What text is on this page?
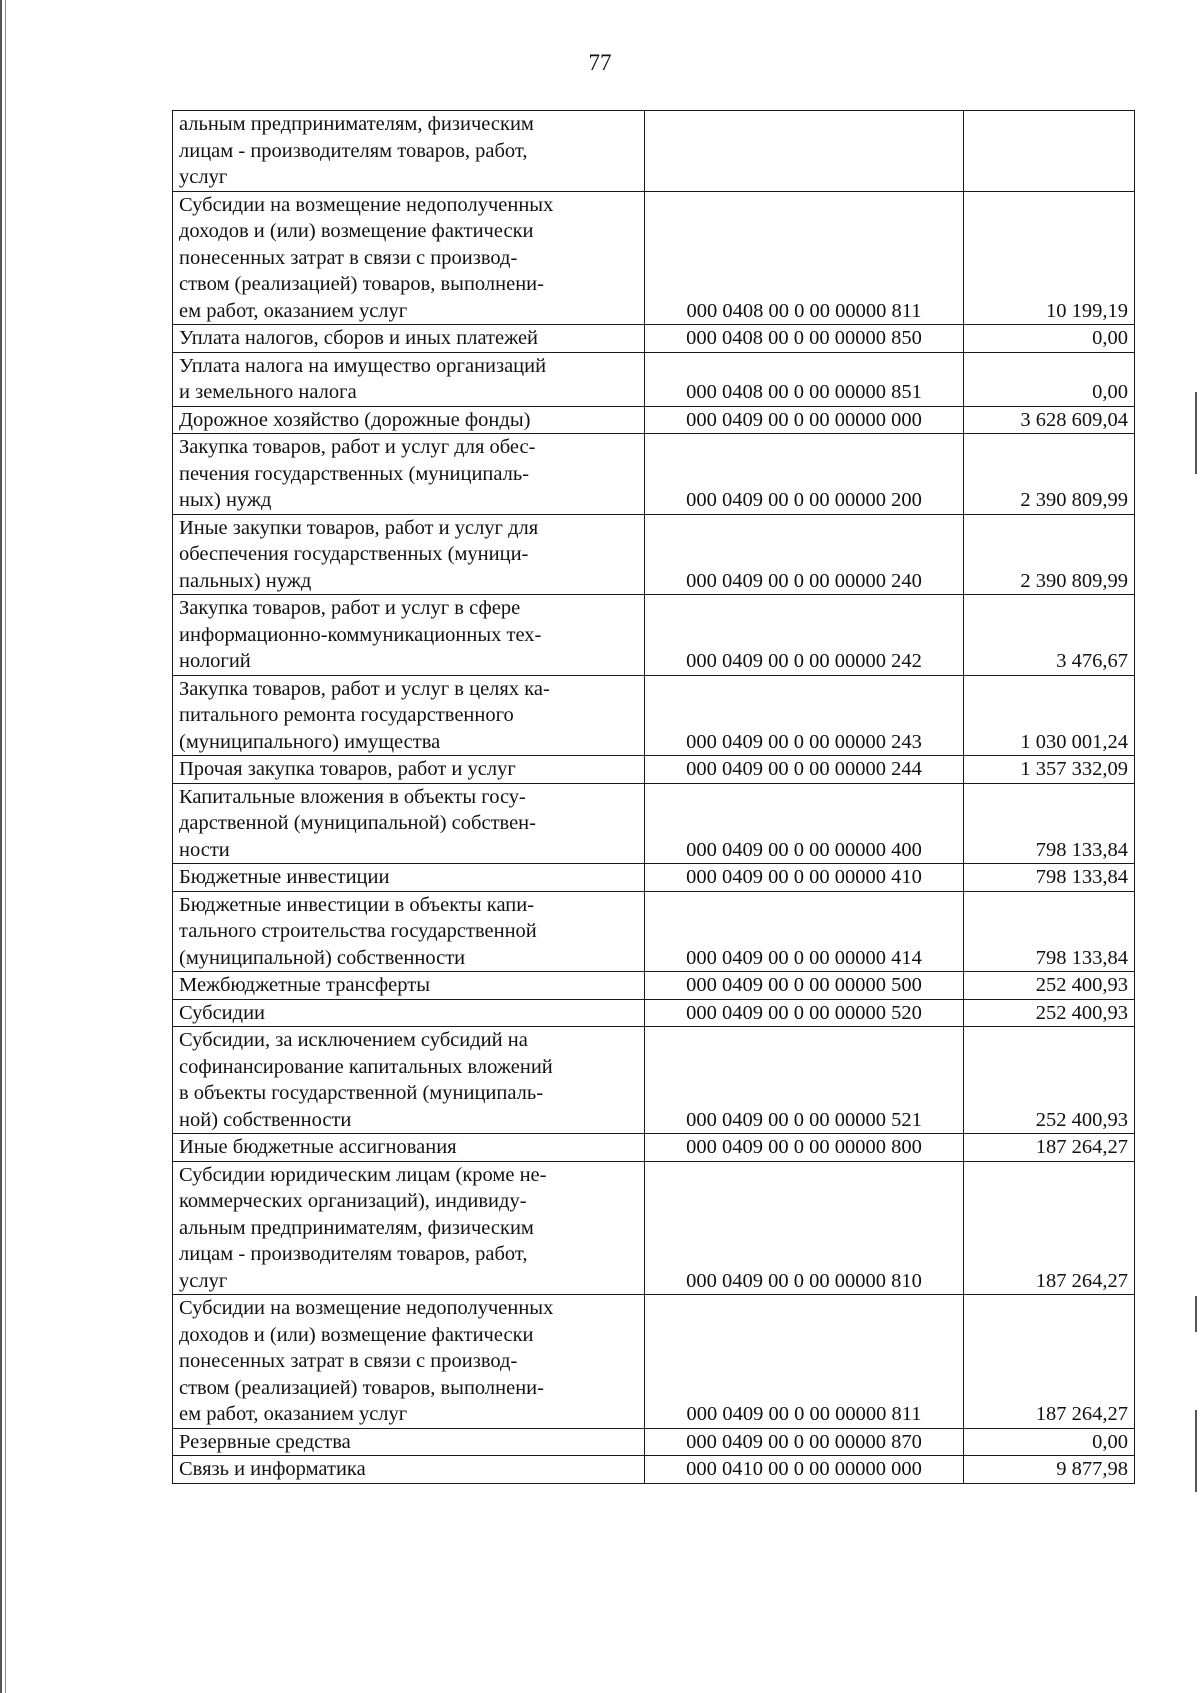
77
альным предпринимателям, физическим
лицам - производителям товаров, работ,
услуг		

Субсидии на возмещение недополученных
доходов и (или) возмещение фактически
понесенных затрат в связи с производ-
ством (реализацией) товаров, выполнени-
ем работ, оказанием услуг	000 0408 00 0 00 00000 811	10 199,19

Уплата налогов, сборов и иных платежей	000 0408 00 0 00 00000 850	0,00

Уплата налога на имущество организаций
и земельного налога	000 0408 00 0 00 00000 851	0,00

Дорожное хозяйство (дорожные фонды)	000 0409 00 0 00 00000 000	3 628 609,04

Закупка товаров, работ и услуг для обес-
печения государственных (муниципаль-
ных) нужд	000 0409 00 0 00 00000 200	2 390 809,99

Иные закупки товаров, работ и услуг для
обеспечения государственных (муници-
пальных) нужд	000 0409 00 0 00 00000 240	2 390 809,99

Закупка товаров, работ и услуг в сфере
информационно-коммуникационных тех-
нологий	000 0409 00 0 00 00000 242	3 476,67

Закупка товаров, работ и услуг в целях ка-
питального ремонта государственного
(муниципального) имущества	000 0409 00 0 00 00000 243	1 030 001,24

Прочая закупка товаров, работ и услуг	000 0409 00 0 00 00000 244	1 357 332,09

Капитальные вложения в объекты госу-
дарственной (муниципальной) собствен-
ности	000 0409 00 0 00 00000 400	798 133,84

Бюджетные инвестиции	000 0409 00 0 00 00000 410	798 133,84

Бюджетные инвестиции в объекты капи-
тального строительства государственной
(муниципальной) собственности	000 0409 00 0 00 00000 414	798 133,84

Межбюджетные трансферты	000 0409 00 0 00 00000 500	252 400,93

Субсидии	000 0409 00 0 00 00000 520	252 400,93

Субсидии, за исключением субсидий на
софинансирование капитальных вложений
в объекты государственной (муниципаль-
ной) собственности	000 0409 00 0 00 00000 521	252 400,93

Иные бюджетные ассигнования	000 0409 00 0 00 00000 800	187 264,27

Субсидии юридическим лицам (кроме не-
коммерческих организаций), индивиду-
альным предпринимателям, физическим
лицам - производителям товаров, работ,
услуг	000 0409 00 0 00 00000 810	187 264,27

Субсидии на возмещение недополученных
доходов и (или) возмещение фактически
понесенных затрат в связи с производ-
ством (реализацией) товаров, выполнени-
ем работ, оказанием услуг	000 0409 00 0 00 00000 811	187 264,27

Резервные средства	000 0409 00 0 00 00000 870	0,00

Связь и информатика	000 0410 00 0 00 00000 000	9 877,98
